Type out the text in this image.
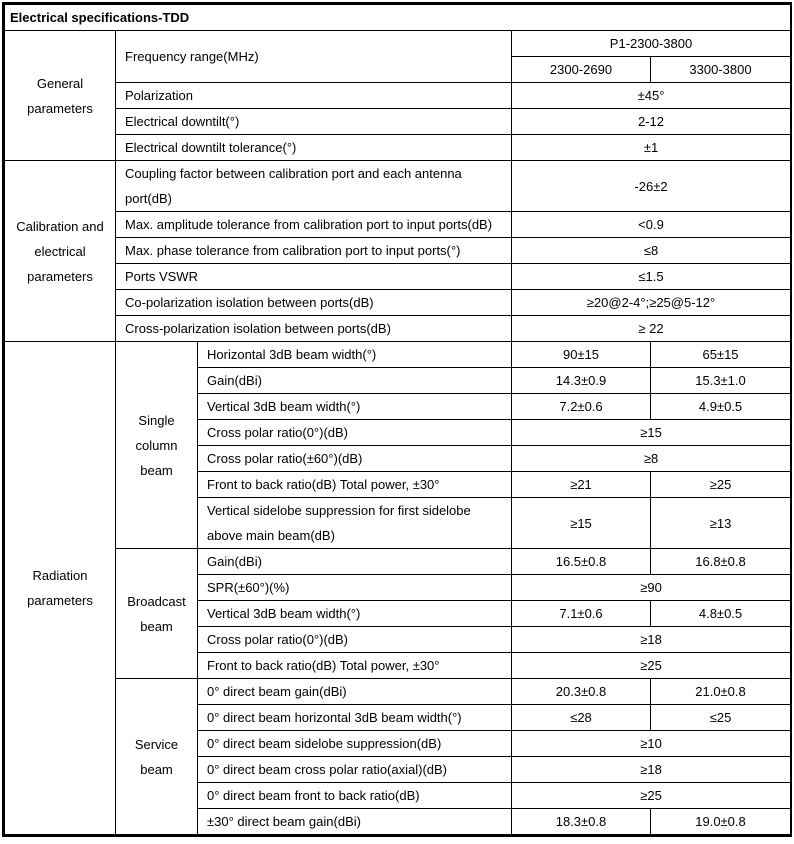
Electrical specifications-TDD				
General parameters	Frequency range(MHz)		P1-2300-3800	
			2300-2690	3300-3800
	Polarization		±45°	
	Electrical downtilt(°)		2-12	
	Electrical downtilt tolerance(°)		±1	
Calibration and electrical parameters	Coupling factor between calibration port and each antenna port(dB)		-26±2	
	Max. amplitude tolerance from calibration port to input ports(dB)		<0.9	
	Max. phase tolerance from calibration port to input ports(°)		≤8	
	Ports VSWR		≤1.5	
	Co-polarization isolation between ports(dB)		≥20@2-4°;≥25@5-12°	
	Cross-polarization isolation between ports(dB)		≥ 22	
Radiation parameters	Single column beam	Horizontal 3dB beam width(°)	90±15	65±15
		Gain(dBi)	14.3±0.9	15.3±1.0
		Vertical 3dB beam width(°)	7.2±0.6	4.9±0.5
		Cross polar ratio(0°)(dB)	≥15	
		Cross polar ratio(±60°)(dB)	≥8	
		Front to back ratio(dB) Total power, ±30°	≥21	≥25
		Vertical sidelobe suppression for first sidelobe above main beam(dB)	≥15	≥13
	Broadcast beam	Gain(dBi)	16.5±0.8	16.8±0.8
		SPR(±60°)(%)	≥90	
		Vertical 3dB beam width(°)	7.1±0.6	4.8±0.5
		Cross polar ratio(0°)(dB)	≥18	
		Front to back ratio(dB) Total power, ±30°	≥25	
	Service beam	0° direct beam gain(dBi)	20.3±0.8	21.0±0.8
		0° direct beam horizontal 3dB beam width(°)	≤28	≤25
		0° direct beam sidelobe suppression(dB)	≥10	
		0° direct beam cross polar ratio(axial)(dB)	≥18	
		0° direct beam front to back ratio(dB)	≥25	
		±30° direct beam gain(dBi)	18.3±0.8	19.0±0.8
